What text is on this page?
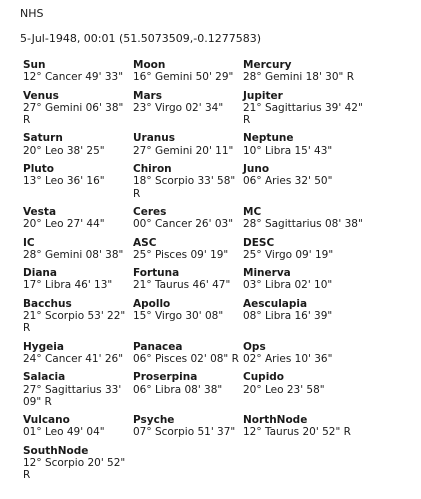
NHS
5-Jul-1948, 00:01 (51.5073509,-0.1277583)
Sun
12° Cancer 49' 33"
Moon
16° Gemini 50' 29"
Mercury
28° Gemini 18' 30" R
Venus
27° Gemini 06' 38" R
Mars
23° Virgo 02' 34"
Jupiter
21° Sagittarius 39' 42" R
Saturn
20° Leo 38' 25"
Uranus
27° Gemini 20' 11"
Neptune
10° Libra 15' 43"
Pluto
13° Leo 36' 16"
Chiron
18° Scorpio 33' 58" R
Juno
06° Aries 32' 50"
Vesta
20° Leo 27' 44"
Ceres
00° Cancer 26' 03"
MC
28° Sagittarius 08' 38"
IC
28° Gemini 08' 38"
ASC
25° Pisces 09' 19"
DESC
25° Virgo 09' 19"
Diana
17° Libra 46' 13"
Fortuna
21° Taurus 46' 47"
Minerva
03° Libra 02' 10"
Bacchus
21° Scorpio 53' 22" R
Apollo
15° Virgo 30' 08"
Aesculapia
08° Libra 16' 39"
Hygeia
24° Cancer 41' 26"
Panacea
06° Pisces 02' 08" R
Ops
02° Aries 10' 36"
Salacia
27° Sagittarius 33' 09" R
Proserpina
06° Libra 08' 38"
Cupido
20° Leo 23' 58"
Vulcano
01° Leo 49' 04"
Psyche
07° Scorpio 51' 37"
NorthNode
12° Taurus 20' 52" R
SouthNode
12° Scorpio 20' 52" R
